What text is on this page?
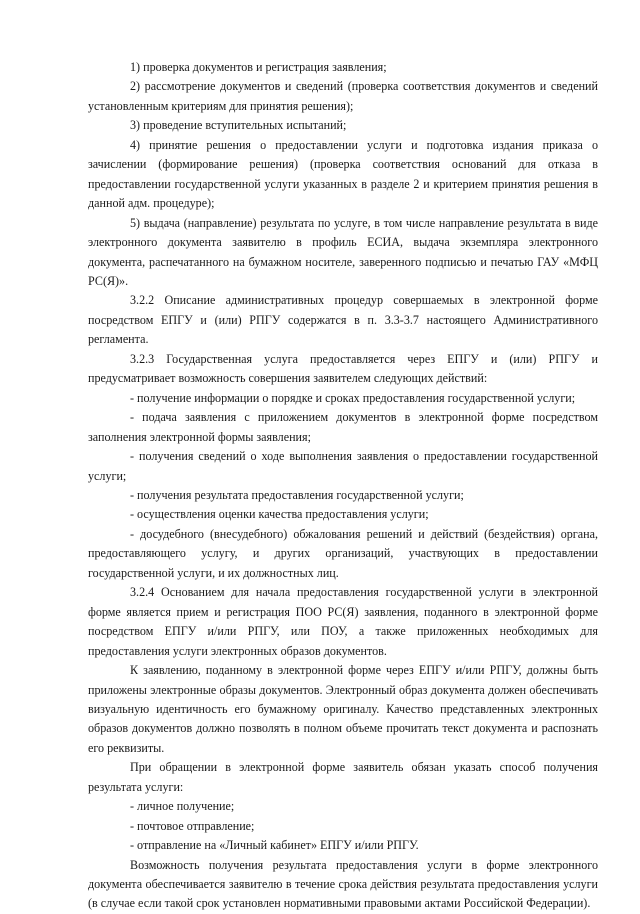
1) проверка документов и регистрация заявления;

2) рассмотрение документов и сведений (проверка соответствия документов и сведений установленным критериям для принятия решения);

3) проведение вступительных испытаний;

4) принятие решения о предоставлении услуги и подготовка издания приказа о зачислении (формирование решения) (проверка соответствия оснований для отказа в предоставлении государственной услуги указанных в разделе 2 и критерием принятия решения в данной адм. процедуре);

5) выдача (направление) результата по услуге, в том числе направление результата в виде электронного документа заявителю в профиль ЕСИА, выдача экземпляра электронного документа, распечатанного на бумажном носителе, заверенного подписью и печатью ГАУ «МФЦ РС(Я)».

3.2.2 Описание административных процедур совершаемых в электронной форме посредством ЕПГУ и (или) РПГУ содержатся в п. 3.3-3.7 настоящего Административного регламента.

3.2.3 Государственная услуга предоставляется через ЕПГУ и (или) РПГУ и предусматривает возможность совершения заявителем следующих действий:

- получение информации о порядке и сроках предоставления государственной услуги;

- подача заявления с приложением документов в электронной форме посредством заполнения электронной формы заявления;

- получения сведений о ходе выполнения заявления о предоставлении государственной услуги;

- получения результата предоставления государственной услуги;

- осуществления оценки качества предоставления услуги;

- досудебного (внесудебного) обжалования решений и действий (бездействия) органа, предоставляющего услугу, и других организаций, участвующих в предоставлении государственной услуги, и их должностных лиц.

3.2.4 Основанием для начала предоставления государственной услуги в электронной форме является прием и регистрация ПОО РС(Я) заявления, поданного в электронной форме посредством ЕПГУ и/или РПГУ, или ПОУ, а также приложенных необходимых для предоставления услуги электронных образов документов.

К заявлению, поданному в электронной форме через ЕПГУ и/или РПГУ, должны быть приложены электронные образы документов. Электронный образ документа должен обеспечивать визуальную идентичность его бумажному оригиналу. Качество представленных электронных образов документов должно позволять в полном объеме прочитать текст документа и распознать его реквизиты.

При обращении в электронной форме заявитель обязан указать способ получения результата услуги:

- личное получение;

- почтовое отправление;

- отправление на «Личный кабинет» ЕПГУ и/или РПГУ.

Возможность получения результата предоставления услуги в форме электронного документа обеспечивается заявителю в течение срока действия результата предоставления услуги (в случае если такой срок установлен нормативными правовыми актами Российской Федерации).
